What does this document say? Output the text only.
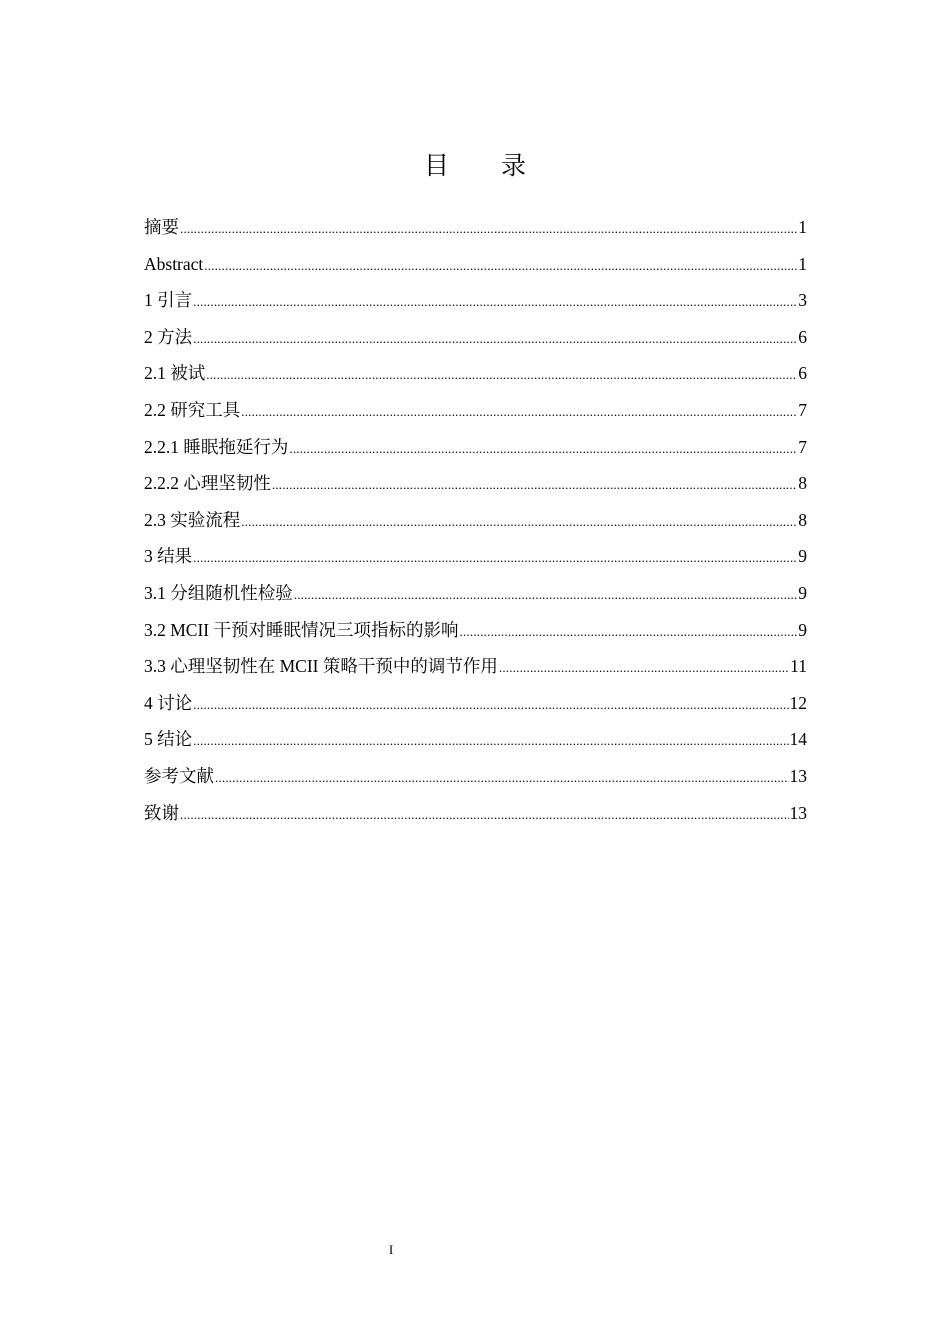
目 录
摘要 .....	1
Abstract .....	1
1 引言 .....	3
2 方法 .....	6
2.1 被试 .....	6
2.2 研究工具 .....	7
2.2.1 睡眠拖延行为 .....	7
2.2.2 心理坚韧性 .....	8
2.3 实验流程 .....	8
3 结果 .....	9
3.1 分组随机性检验 .....	9
3.2 MCII 干预对睡眠情况三项指标的影响 .....	9
3.3 心理坚韧性在 MCII 策略干预中的调节作用 .....	11
4 讨论 .....	12
5 结论 .....	14
参考文献 .....	13
致谢 .....	13
I
